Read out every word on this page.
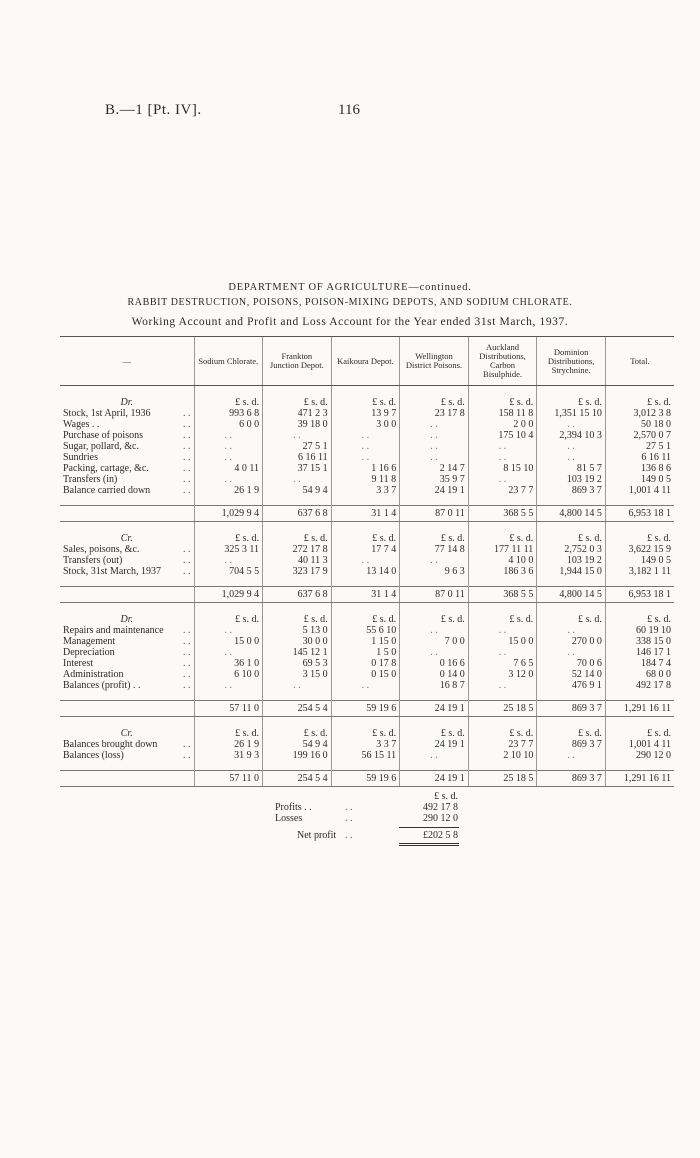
B.—1 [Pt. IV].	116
DEPARTMENT OF AGRICULTURE—continued.
RABBIT DESTRUCTION, POISONS, POISON-MIXING DEPOTS, AND SODIUM CHLORATE.
Working Account and Profit and Loss Account for the Year ended 31st March, 1937.
—	Sodium Chlorate.	Frankton Junction Depot.	Kaikoura Depot.	Wellington District Poisons.	Auckland Distributions, Carbon Bisulphide.	Dominion Distributions, Strychnine.	Total.

Dr.	£ s. d.	£ s. d.	£ s. d.	£ s. d.	£ s. d.	£ s. d.	£ s. d.
Stock, 1st April, 1936 . .	993 6 8	471 2 3	13 9 7	23 17 8	158 11 8	1,351 15 10	3,012 3 8
Wages . . . .	6 0 0	39 18 0	3 0 0	. .	2 0 0	. .	50 18 0
Purchase of poisons . .	. .	. .	. .	. .	175 10 4	2,394 10 3	2,570 0 7
Sugar, pollard, &c. . .	. .	27 5 1	. .	. .	. .	. .	27 5 1
Sundries . .	. .	6 16 11	. .	. .	. .	. .	6 16 11
Packing, cartage, &c. . .	4 0 11	37 15 1	1 16 6	2 14 7	8 15 10	81 5 7	136 8 6
Transfers (in) . .	. .	. .	9 11 8	35 9 7	. .	103 19 2	149 0 5
Balance carried down . .	26 1 9	54 9 4	3 3 7	24 19 1	23 7 7	869 3 7	1,001 4 11

	1,029 9 4	637 6 8	31 1 4	87 0 11	368 5 5	4,800 14 5	6,953 18 1

Cr.	£ s. d.	£ s. d.	£ s. d.	£ s. d.	£ s. d.	£ s. d.	£ s. d.
Sales, poisons, &c. . .	325 3 11	272 17 8	17 7 4	77 14 8	177 11 11	2,752 0 3	3,622 15 9
Transfers (out) . .	. .	40 11 3	. .	. .	4 10 0	103 19 2	149 0 5
Stock, 31st March, 1937 . .	704 5 5	323 17 9	13 14 0	9 6 3	186 3 6	1,944 15 0	3,182 1 11

	1,029 9 4	637 6 8	31 1 4	87 0 11	368 5 5	4,800 14 5	6,953 18 1

Dr.	£ s. d.	£ s. d.	£ s. d.	£ s. d.	£ s. d.	£ s. d.	£ s. d.
Repairs and maintenance . .	. .	5 13 0	55 6 10	. .	. .	. .	60 19 10
Management . .	15 0 0	30 0 0	1 15 0	7 0 0	15 0 0	270 0 0	338 15 0
Depreciation . .	. .	145 12 1	1 5 0	. .	. .	. .	146 17 1
Interest . .	36 1 0	69 5 3	0 17 8	0 16 6	7 6 5	70 0 6	184 7 4
Administration . .	6 10 0	3 15 0	0 15 0	0 14 0	3 12 0	52 14 0	68 0 0
Balances (profit) . . . .	. .	. .	. .	16 8 7	. .	476 9 1	492 17 8

	57 11 0	254 5 4	59 19 6	24 19 1	25 18 5	869 3 7	1,291 16 11

Cr.	£ s. d.	£ s. d.	£ s. d.	£ s. d.	£ s. d.	£ s. d.	£ s. d.
Balances brought down . .	26 1 9	54 9 4	3 3 7	24 19 1	23 7 7	869 3 7	1,001 4 11
Balances (loss) . .	31 9 3	199 16 0	56 15 11	. .	2 10 10	. .	290 12 0

	57 11 0	254 5 4	59 19 6	24 19 1	25 18 5	869 3 7	1,291 16 11
£ s. d.
Profits . .	. .	492 17 8
Losses	. .	290 12 0
Net profit . .	£202 5 8
